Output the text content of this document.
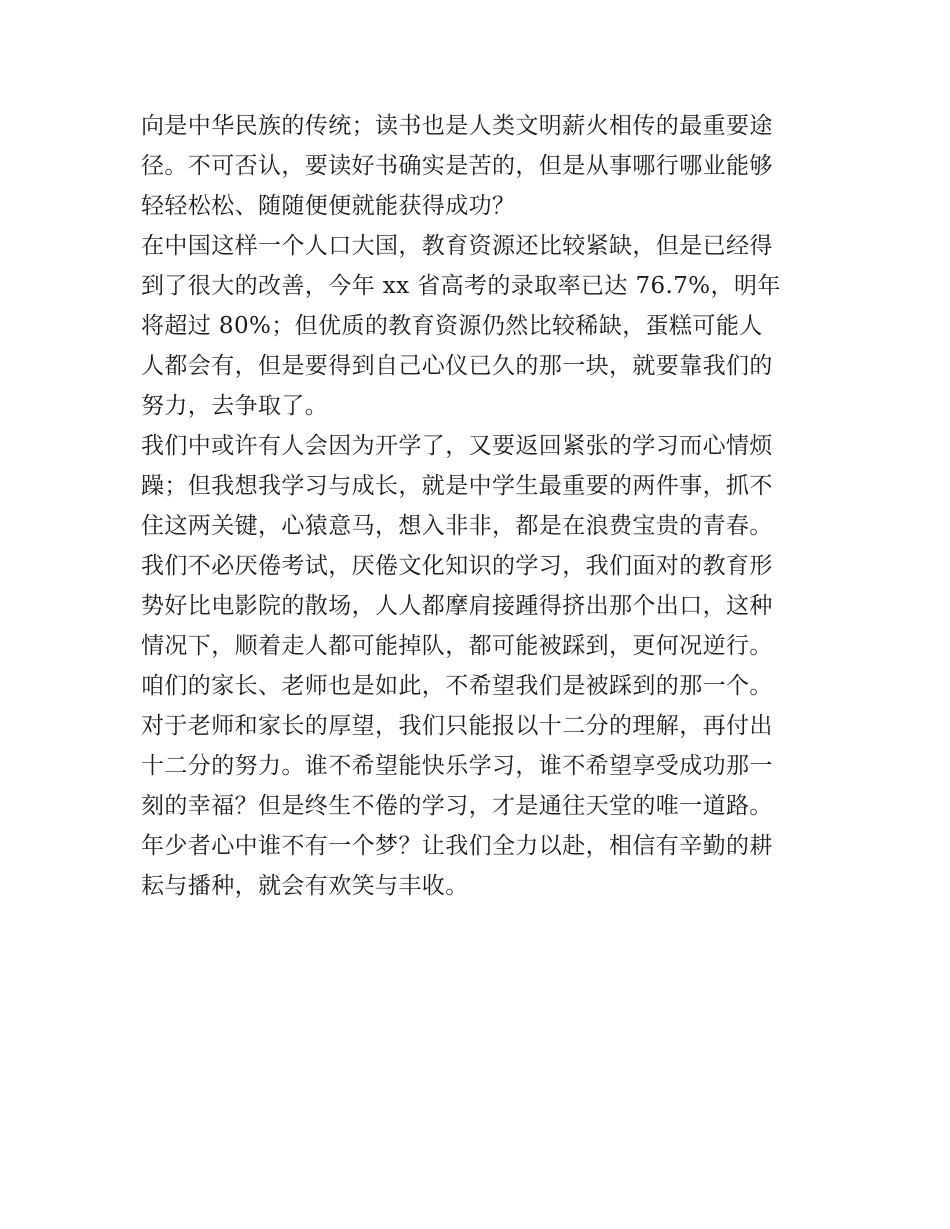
向是中华民族的传统；读书也是人类文明薪火相传的最重要途
径。不可否认，要读好书确实是苦的，但是从事哪行哪业能够
轻轻松松、随随便便就能获得成功？
在中国这样一个人口大国，教育资源还比较紧缺，但是已经得
到了很大的改善，今年 xx 省高考的录取率已达 76.7%，明年
将超过 80%；但优质的教育资源仍然比较稀缺，蛋糕可能人
人都会有，但是要得到自己心仪已久的那一块，就要靠我们的
努力，去争取了。
我们中或许有人会因为开学了，又要返回紧张的学习而心情烦
躁；但我想我学习与成长，就是中学生最重要的两件事，抓不
住这两关键，心猿意马，想入非非，都是在浪费宝贵的青春。
我们不必厌倦考试，厌倦文化知识的学习，我们面对的教育形
势好比电影院的散场，人人都摩肩接踵得挤出那个出口，这种
情况下，顺着走人都可能掉队，都可能被踩到，更何况逆行。
咱们的家长、老师也是如此，不希望我们是被踩到的那一个。
对于老师和家长的厚望，我们只能报以十二分的理解，再付出
十二分的努力。谁不希望能快乐学习，谁不希望享受成功那一
刻的幸福？但是终生不倦的学习，才是通往天堂的唯一道路。
年少者心中谁不有一个梦？让我们全力以赴，相信有辛勤的耕
耘与播种，就会有欢笑与丰收。
